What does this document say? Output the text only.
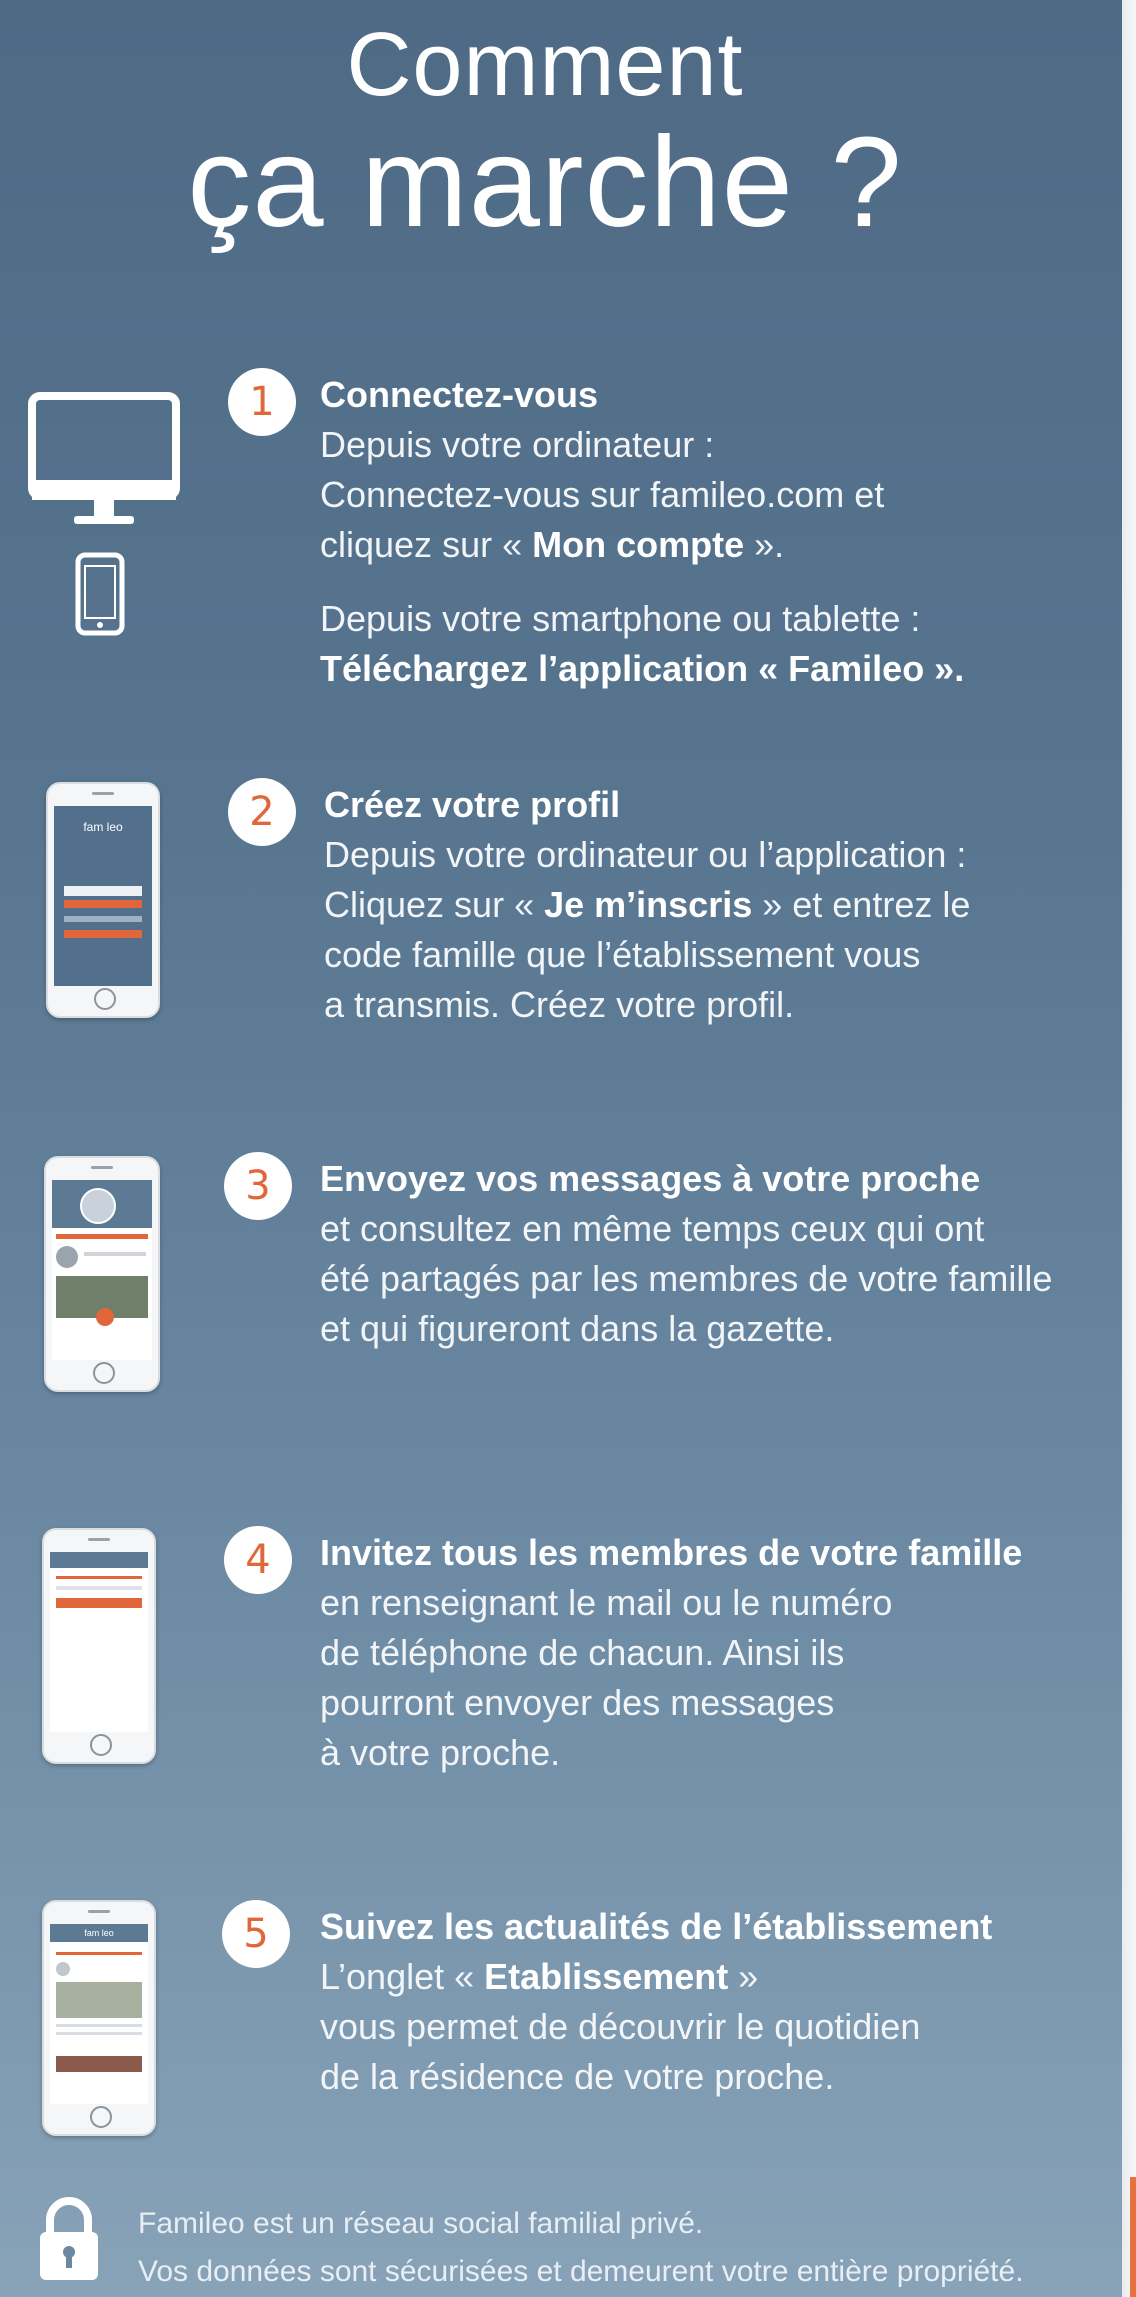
Comment
ça marche ?
1	Connectez-vous
Depuis votre ordinateur :
Connectez-vous sur famileo.com et
cliquez sur « Mon compte ».
Depuis votre smartphone ou tablette :
Téléchargez l’application « Famileo ».
fam leo	2	Créez votre profil
Depuis votre ordinateur ou l’application :
Cliquez sur « Je m’inscris » et entrez le
code famille que l’établissement vous
a transmis. Créez votre profil.
3	Envoyez vos messages à votre proche
et consultez en même temps ceux qui ont
été partagés par les membres de votre famille
et qui figureront dans la gazette.
4	Invitez tous les membres de votre famille
en renseignant le mail ou le numéro
de téléphone de chacun. Ainsi ils
pourront envoyer des messages
à votre proche.
fam leo	5	Suivez les actualités de l’établissement
L’onglet « Etablissement »
vous permet de découvrir le quotidien
de la résidence de votre proche.
Famileo est un réseau social familial privé.
Vos données sont sécurisées et demeurent votre entière propriété.
